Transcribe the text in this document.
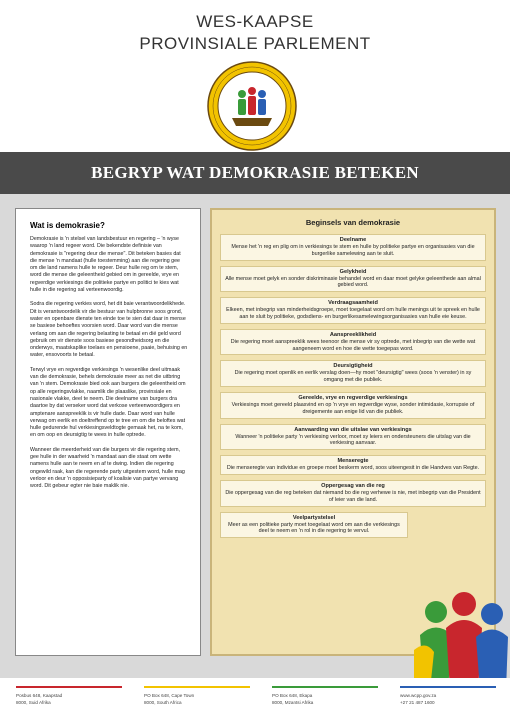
WES-KAAPSE
PROVINSIALE PARLEMENT
BEGRYP WAT DEMOKRASIE BETEKEN
Wat is demokrasie?

Demokrasie is 'n stelsel van landsbestuur en regering – 'n wyse waarop 'n land regeer word. Die bekendste definisie van demokrasie is "regering deur die mense". Dit beteken basies dat die mense 'n mandaat (hulle toestemming) aan die regering gee om die land namens hulle te regeer. Deur hulle reg om te stem, word die mense die geleentheid gebied om in gereelde, vrye en regverdige verkiesings die politieke partye en politici te kies wat hulle in die regering sal verteenwoordig.

Sodra die regering verkies word, het dit baie verantwoordelikhede. Dit is verantwoordelik vir die bestuur van hulpbronne soos grond, water en openbare dienste ten einde toe te sien dat daar in mense se basiese behoeftes voorsien word. Daar word van die mense verlang om aan die regering belasting te betaal en dié geld word gebruik om vir dienste soos basiese gesondheidsorg en die onderwys, maatskaplike toelaes en pensioene, paaie, behuising en water, ensovoorts te betaal.

Terwyl vrye en regverdige verkiesings 'n wesenlike deel uitmaak van die demokrasie, behels demokrasie meer as net die uitbring van 'n stem. Demokrasie bied ook aan burgers die geleentheid om op alle regeringsvlakke, naamlik die plaaslike, provinsiale en nasionale vlakke, deel te neem. Die deelname van burgers dra daartoe by dat verseker word dat verkose verteenwoordigers en amptenare aanspreeklik is vir hulle dade. Daar word van hulle verwag om eerlik en doeltreffend op te tree en om die beloftes wat hulle gedurende hul verkiesingsveldtogte gemaak het, na te kom, en om oop en deursigtig te wees in hulle optrede.

Wanneer die meerderheid van die burgers vir die regering stem, gee hulle in der waarheid 'n mandaat aan die staat om wette namens hulle aan te neem en af te dwing. Indien die regering ongewild raak, kan die regerende party uitgestem word, hulle mag verloor en deur 'n opposisieparty of koalisie van partye vervang word. Dit gebeur egter nie baie maklik nie.

Beginsels van demokrasie
Deelname
Mense het 'n reg en plig om in verkiesings te stem en hulle by politieke partye en organisasies van die burgerlike samelewing aan te sluit.
Gelykheid
Alle mense moet gelyk en sonder diskriminasie behandel word en daar moet gelyke geleenthede aan almal gebied word.
Verdraagsaamheid
Elkeen, met inbegrip van minderheidsgroepe, moet toegelaat word om hulle menings uit te spreek en hulle aan te sluit by politieke, godsdiens- en burgerlikesamelewingsorganisasies van hulle eie keuse.
Aanspreeklikheid
Die regering moet aanspreeklik wees teenoor die mense vir sy optrede, met inbegrip van die wette wat aangeneem word en hoe die wette toegepas word.
Deursigtigheid
Die regering moet openlik en eerlik verslag doen—hy moet "deursigtig" wees (soos 'n venster) in sy omgang met die publiek.
Gereelde, vrye en regverdige verkiesings
Verkiesings moet gereeld plaasvind en op 'n vrye en regverdige wyse, sonder intimidasie, korrupsie of dreigemente aan enige lid van die publiek.
Aanvaarding van die uitslae van verkiesings
Wanneer 'n politieke party 'n verkiesing verloor, moet sy leiers en ondersteuners die uitslag van die verkiesing aanvaar.
Menseregte
Die menseregte van individue en groepe moet beskerm word, soos uiteengesit in die Handves van Regte.
Oppergesag van die reg
Die oppergesag van die reg beteken dat niemand bo die reg verhewe is nie, met inbegrip van die President of leier van die land.
Veelpartystelsel
Meer as een politieke party moet toegelaat word om aan die verkiesings deel te neem en 'n rol in die regering te vervul.
Posbus 648, Kaapstad
8000, Suid Afrika
PO Box 648, Cape Town
8000, South Africa
PO Box 648, Ekapa
8000, Mzantsi Afrika
www.wcpp.gov.za
+27 21 487 1600
